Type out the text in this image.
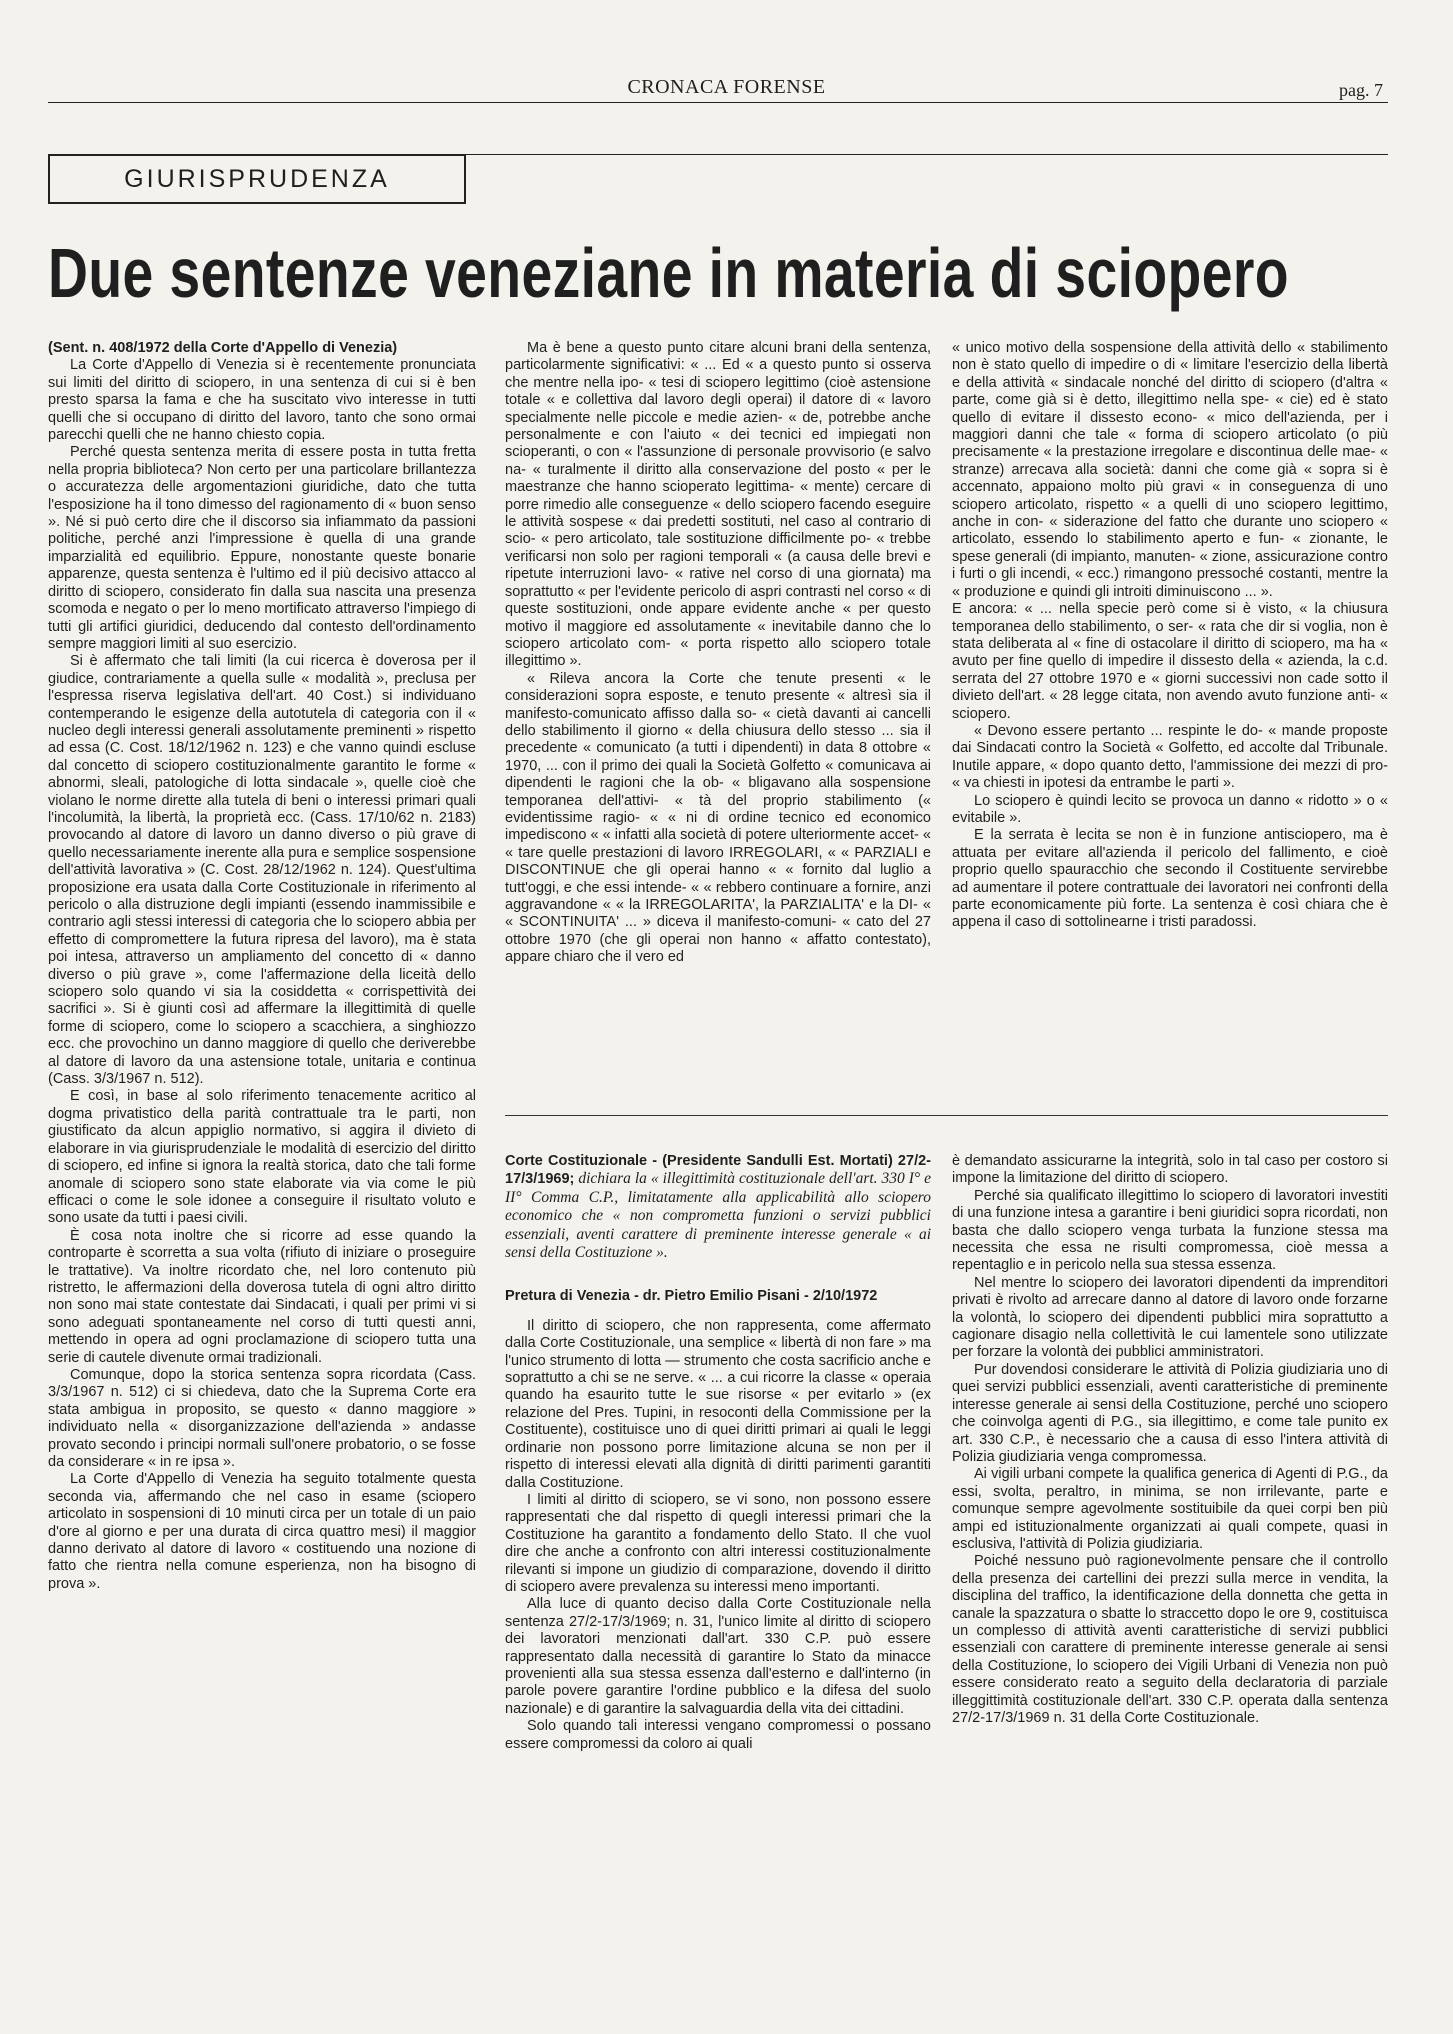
CRONACA FORENSE	pag. 7
GIURISPRUDENZA
Due sentenze veneziane in materia di sciopero

(Sent. n. 408/1972 della Corte d'Appello di Venezia)

La Corte d'Appello di Venezia si è recentemente pronunciata sui limiti del diritto di sciopero, in una sentenza di cui si è ben presto sparsa la fama e che ha suscitato vivo interesse in tutti quelli che si occupano di diritto del lavoro, tanto che sono ormai parecchi quelli che ne hanno chiesto copia.

Perché questa sentenza merita di essere posta in tutta fretta nella propria biblioteca? Non certo per una particolare brillantezza o accuratezza delle argomentazioni giuridiche, dato che tutta l'esposizione ha il tono dimesso del ragionamento di « buon senso ». Né si può certo dire che il discorso sia infiammato da passioni politiche, perché anzi l'impressione è quella di una grande imparzialità ed equilibrio. Eppure, nonostante queste bonarie apparenze, questa sentenza è l'ultimo ed il più decisivo attacco al diritto di sciopero, considerato fin dalla sua nascita una presenza scomoda e negato o per lo meno mortificato attraverso l'impiego di tutti gli artifici giuridici, deducendo dal contesto dell'ordinamento sempre maggiori limiti al suo esercizio.

Si è affermato che tali limiti (la cui ricerca è doverosa per il giudice, contrariamente a quella sulle « modalità », preclusa per l'espressa riserva legislativa dell'art. 40 Cost.) si individuano contemperando le esigenze della autotutela di categoria con il « nucleo degli interessi generali assolutamente preminenti » rispetto ad essa (C. Cost. 18/12/1962 n. 123) e che vanno quindi escluse dal concetto di sciopero costituzionalmente garantito le forme « abnormi, sleali, patologiche di lotta sindacale », quelle cioè che violano le norme dirette alla tutela di beni o interessi primari quali l'incolumità, la libertà, la proprietà ecc. (Cass. 17/10/62 n. 2183) provocando al datore di lavoro un danno diverso o più grave di quello necessariamente inerente alla pura e semplice sospensione dell'attività lavorativa » (C. Cost. 28/12/1962 n. 124). Quest'ultima proposizione era usata dalla Corte Costituzionale in riferimento al pericolo o alla distruzione degli impianti (essendo inammissibile e contrario agli stessi interessi di categoria che lo sciopero abbia per effetto di compromettere la futura ripresa del lavoro), ma è stata poi intesa, attraverso un ampliamento del concetto di « danno diverso o più grave », come l'affermazione della liceità dello sciopero solo quando vi sia la cosiddetta « corrispettività dei sacrifici ». Si è giunti così ad affermare la illegittimità di quelle forme di sciopero, come lo sciopero a scacchiera, a singhiozzo ecc. che provochino un danno maggiore di quello che deriverebbe al datore di lavoro da una astensione totale, unitaria e continua (Cass. 3/3/1967 n. 512).

E così, in base al solo riferimento tenacemente acritico al dogma privatistico della parità contrattuale tra le parti, non giustificato da alcun appiglio normativo, si aggira il divieto di elaborare in via giurisprudenziale le modalità di esercizio del diritto di sciopero, ed infine si ignora la realtà storica, dato che tali forme anomale di sciopero sono state elaborate via via come le più efficaci o come le sole idonee a conseguire il risultato voluto e sono usate da tutti i paesi civili.

È cosa nota inoltre che si ricorre ad esse quando la controparte è scorretta a sua volta (rifiuto di iniziare o proseguire le trattative). Va inoltre ricordato che, nel loro contenuto più ristretto, le affermazioni della doverosa tutela di ogni altro diritto non sono mai state contestate dai Sindacati, i quali per primi vi si sono adeguati spontaneamente nel corso di tutti questi anni, mettendo in opera ad ogni proclamazione di sciopero tutta una serie di cautele divenute ormai tradizionali.

Comunque, dopo la storica sentenza sopra ricordata (Cass. 3/3/1967 n. 512) ci si chiedeva, dato che la Suprema Corte era stata ambigua in proposito, se questo « danno maggiore » individuato nella « disorganizzazione dell'azienda » andasse provato secondo i principi normali sull'onere probatorio, o se fosse da considerare « in re ipsa ».

La Corte d'Appello di Venezia ha seguito totalmente questa seconda via, affermando che nel caso in esame (sciopero articolato in sospensioni di 10 minuti circa per un totale di un paio d'ore al giorno e per una durata di circa quattro mesi) il maggior danno derivato al datore di lavoro « costituendo una nozione di fatto che rientra nella comune esperienza, non ha bisogno di prova ».

Ma è bene a questo punto citare alcuni brani della sentenza, particolarmente significativi: « ... Ed « a questo punto si osserva che mentre nella ipo- « tesi di sciopero legittimo (cioè astensione totale « e collettiva dal lavoro degli operai) il datore di « lavoro specialmente nelle piccole e medie azien- « de, potrebbe anche personalmente e con l'aiuto « dei tecnici ed impiegati non scioperanti, o con « l'assunzione di personale provvisorio (e salvo na- « turalmente il diritto alla conservazione del posto « per le maestranze che hanno scioperato legittima- « mente) cercare di porre rimedio alle conseguenze « dello sciopero facendo eseguire le attività sospese « dai predetti sostituti, nel caso al contrario di scio- « pero articolato, tale sostituzione difficilmente po- « trebbe verificarsi non solo per ragioni temporali « (a causa delle brevi e ripetute interruzioni lavo- « rative nel corso di una giornata) ma soprattutto « per l'evidente pericolo di aspri contrasti nel corso « di queste sostituzioni, onde appare evidente anche « per questo motivo il maggiore ed assolutamente « inevitabile danno che lo sciopero articolato com- « porta rispetto allo sciopero totale illegittimo ».

« Rileva ancora la Corte che tenute presenti « le considerazioni sopra esposte, e tenuto presente « altresì sia il manifesto-comunicato affisso dalla so- « cietà davanti ai cancelli dello stabilimento il giorno « della chiusura dello stesso ... sia il precedente « comunicato (a tutti i dipendenti) in data 8 ottobre « 1970, ... con il primo dei quali la Società Golfetto « comunicava ai dipendenti le ragioni che la ob- « bligavano alla sospensione temporanea dell'attivi- « tà del proprio stabilimento (« evidentissime ragio- « « ni di ordine tecnico ed economico impediscono « « infatti alla società di potere ulteriormente accet- « « tare quelle prestazioni di lavoro IRREGOLARI, « « PARZIALI e DISCONTINUE che gli operai hanno « « fornito dal luglio a tutt'oggi, e che essi intende- « « rebbero continuare a fornire, anzi aggravandone « « la IRREGOLARITA', la PARZIALITA' e la DI- « « SCONTINUITA' ... » diceva il manifesto-comuni- « cato del 27 ottobre 1970 (che gli operai non hanno « affatto contestato), appare chiaro che il vero ed

« unico motivo della sospensione della attività dello « stabilimento non è stato quello di impedire o di « limitare l'esercizio della libertà e della attività « sindacale nonché del diritto di sciopero (d'altra « parte, come già si è detto, illegittimo nella spe- « cie) ed è stato quello di evitare il dissesto econo- « mico dell'azienda, per i maggiori danni che tale « forma di sciopero articolato (o più precisamente « la prestazione irregolare e discontinua delle mae- « stranze) arrecava alla società: danni che come già « sopra si è accennato, appaiono molto più gravi « in conseguenza di uno sciopero articolato, rispetto « a quelli di uno sciopero legittimo, anche in con- « siderazione del fatto che durante uno sciopero « articolato, essendo lo stabilimento aperto e fun- « zionante, le spese generali (di impianto, manuten- « zione, assicurazione contro i furti o gli incendi, « ecc.) rimangono pressoché costanti, mentre la « produzione e quindi gli introiti diminuiscono ... ».

E ancora: « ... nella specie però come si è visto, « la chiusura temporanea dello stabilimento, o ser- « rata che dir si voglia, non è stata deliberata al « fine di ostacolare il diritto di sciopero, ma ha « avuto per fine quello di impedire il dissesto della « azienda, la c.d. serrata del 27 ottobre 1970 e « giorni successivi non cade sotto il divieto dell'art. « 28 legge citata, non avendo avuto funzione anti- « sciopero.

« Devono essere pertanto ... respinte le do- « mande proposte dai Sindacati contro la Società « Golfetto, ed accolte dal Tribunale. Inutile appare, « dopo quanto detto, l'ammissione dei mezzi di pro- « va chiesti in ipotesi da entrambe le parti ».

Lo sciopero è quindi lecito se provoca un danno « ridotto » o « evitabile ».

E la serrata è lecita se non è in funzione antisciopero, ma è attuata per evitare all'azienda il pericolo del fallimento, e cioè proprio quello spauracchio che secondo il Costituente servirebbe ad aumentare il potere contrattuale dei lavoratori nei confronti della parte economicamente più forte. La sentenza è così chiara che è appena il caso di sottolinearne i tristi paradossi.

Corte Costituzionale - (Presidente Sandulli Est. Mortati) 27/2-17/3/1969; dichiara la « illegittimità costituzionale dell'art. 330 I° e II° Comma C.P., limitatamente alla applicabilità allo sciopero economico che « non comprometta funzioni o servizi pubblici essenziali, aventi carattere di preminente interesse generale « ai sensi della Costituzione ».

Pretura di Venezia - dr. Pietro Emilio Pisani - 2/10/1972

Il diritto di sciopero, che non rappresenta, come affermato dalla Corte Costituzionale, una semplice « libertà di non fare » ma l'unico strumento di lotta — strumento che costa sacrificio anche e soprattutto a chi se ne serve. « ... a cui ricorre la classe « operaia quando ha esaurito tutte le sue risorse « per evitarlo » (ex relazione del Pres. Tupini, in resoconti della Commissione per la Costituente), costituisce uno di quei diritti primari ai quali le leggi ordinarie non possono porre limitazione alcuna se non per il rispetto di interessi elevati alla dignità di diritti parimenti garantiti dalla Costituzione.

I limiti al diritto di sciopero, se vi sono, non possono essere rappresentati che dal rispetto di quegli interessi primari che la Costituzione ha garantito a fondamento dello Stato. Il che vuol dire che anche a confronto con altri interessi costituzionalmente rilevanti si impone un giudizio di comparazione, dovendo il diritto di sciopero avere prevalenza su interessi meno importanti.

Alla luce di quanto deciso dalla Corte Costituzionale nella sentenza 27/2-17/3/1969; n. 31, l'unico limite al diritto di sciopero dei lavoratori menzionati dall'art. 330 C.P. può essere rappresentato dalla necessità di garantire lo Stato da minacce provenienti alla sua stessa essenza dall'esterno e dall'interno (in parole povere garantire l'ordine pubblico e la difesa del suolo nazionale) e di garantire la salvaguardia della vita dei cittadini.

Solo quando tali interessi vengano compromessi o possano essere compromessi da coloro ai quali

è demandato assicurarne la integrità, solo in tal caso per costoro si impone la limitazione del diritto di sciopero.

Perché sia qualificato illegittimo lo sciopero di lavoratori investiti di una funzione intesa a garantire i beni giuridici sopra ricordati, non basta che dallo sciopero venga turbata la funzione stessa ma necessita che essa ne risulti compromessa, cioè messa a repentaglio e in pericolo nella sua stessa essenza.

Nel mentre lo sciopero dei lavoratori dipendenti da imprenditori privati è rivolto ad arrecare danno al datore di lavoro onde forzarne la volontà, lo sciopero dei dipendenti pubblici mira soprattutto a cagionare disagio nella collettività le cui lamentele sono utilizzate per forzare la volontà dei pubblici amministratori.

Pur dovendosi considerare le attività di Polizia giudiziaria uno di quei servizi pubblici essenziali, aventi caratteristiche di preminente interesse generale ai sensi della Costituzione, perché uno sciopero che coinvolga agenti di P.G., sia illegittimo, e come tale punito ex art. 330 C.P., è necessario che a causa di esso l'intera attività di Polizia giudiziaria venga compromessa.

Ai vigili urbani compete la qualifica generica di Agenti di P.G., da essi, svolta, peraltro, in minima, se non irrilevante, parte e comunque sempre agevolmente sostituibile da quei corpi ben più ampi ed istituzionalmente organizzati ai quali compete, quasi in esclusiva, l'attività di Polizia giudiziaria.

Poiché nessuno può ragionevolmente pensare che il controllo della presenza dei cartellini dei prezzi sulla merce in vendita, la disciplina del traffico, la identificazione della donnetta che getta in canale la spazzatura o sbatte lo straccetto dopo le ore 9, costituisca un complesso di attività aventi caratteristiche di servizi pubblici essenziali con carattere di preminente interesse generale ai sensi della Costituzione, lo sciopero dei Vigili Urbani di Venezia non può essere considerato reato a seguito della declaratoria di parziale illeggittimità costituzionale dell'art. 330 C.P. operata dalla sentenza 27/2-17/3/1969 n. 31 della Corte Costituzionale.
